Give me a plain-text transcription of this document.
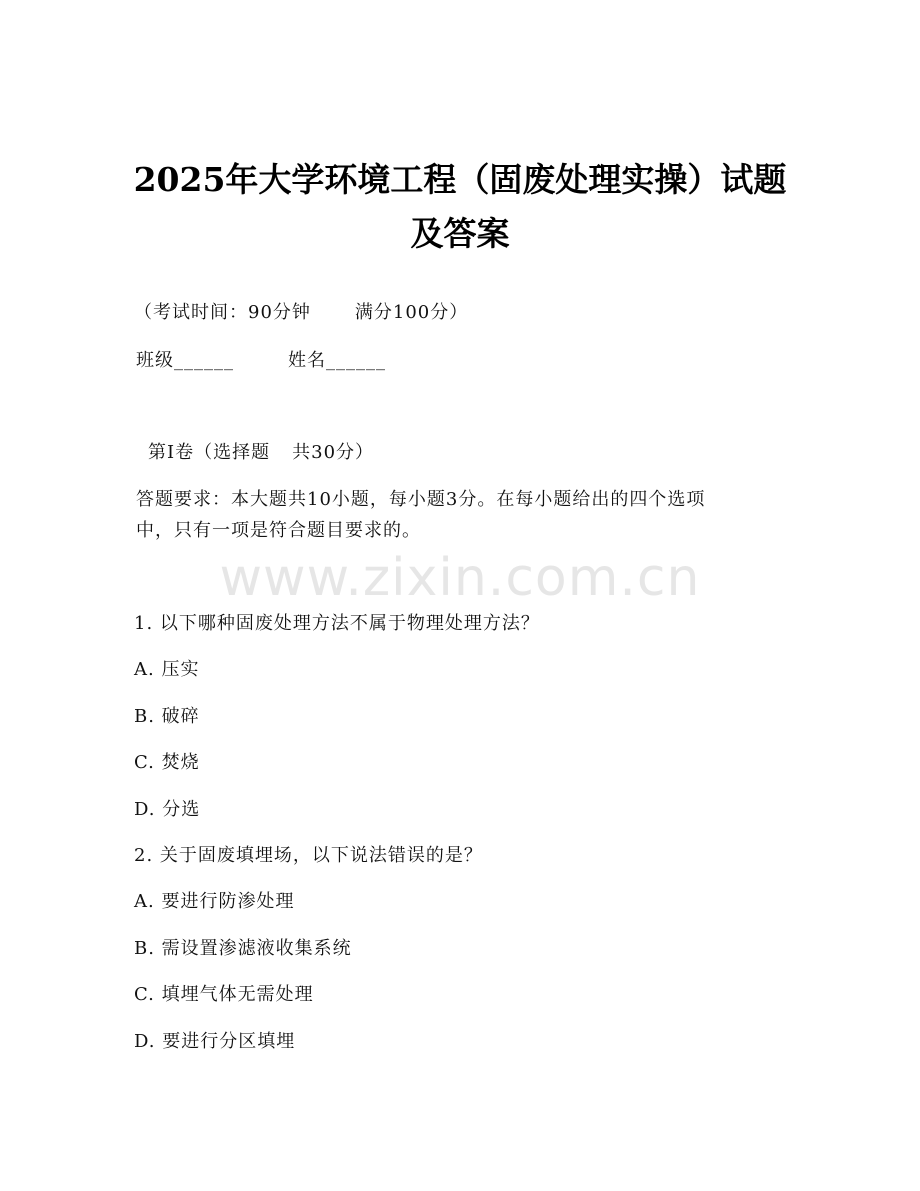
www.zixin.com.cn
2025年大学环境工程（固废处理实操）试题
及答案
（考试时间：90分钟 满分100分）
班级______	姓名______
第Ⅰ卷（选择题 共30分）
答题要求：本大题共10小题，每小题3分。在每小题给出的四个选项
中，只有一项是符合题目要求的。
1. 以下哪种固废处理方法不属于物理处理方法？
A. 压实
B. 破碎
C. 焚烧
D. 分选
2. 关于固废填埋场，以下说法错误的是？
A. 要进行防渗处理
B. 需设置渗滤液收集系统
C. 填埋气体无需处理
D. 要进行分区填埋
